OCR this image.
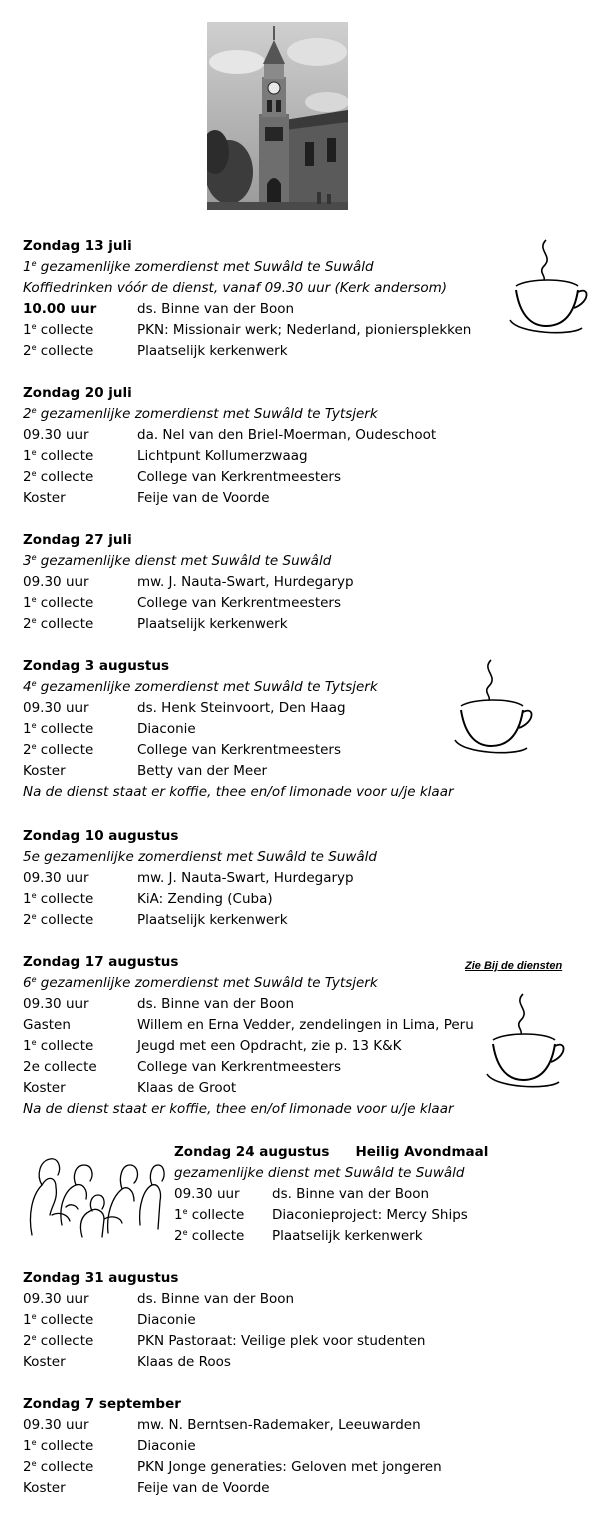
Zie Bij de diensten
Zondag 13 juli
1e gezamenlijke zomerdienst met Suwâld te Suwâld
Koffiedrinken vóór de dienst, vanaf 09.30 uur (Kerk andersom)
10.00 uur	ds. Binne van der Boon
1e collecte	PKN: Missionair werk; Nederland, pioniersplekken
2e collecte	Plaatselijk kerkenwerk
Zondag 20 juli
2e gezamenlijke zomerdienst met Suwâld te Tytsjerk
09.30 uur	da. Nel van den Briel-Moerman, Oudeschoot
1e collecte	Lichtpunt Kollumerzwaag
2e collecte	College van Kerkrentmeesters
Koster	Feije van de Voorde
Zondag 27 juli
3e gezamenlijke dienst met Suwâld te Suwâld
09.30 uur	mw. J. Nauta-Swart, Hurdegaryp
1e collecte	College van Kerkrentmeesters
2e collecte	Plaatselijk kerkenwerk
Zondag 3 augustus
4e gezamenlijke zomerdienst met Suwâld te Tytsjerk
09.30 uur	ds. Henk Steinvoort, Den Haag
1e collecte	Diaconie
2e collecte	College van Kerkrentmeesters
Koster	Betty van der Meer
Na de dienst staat er koffie, thee en/of limonade voor u/je klaar
Zondag 10 augustus
5e gezamenlijke zomerdienst met Suwâld te Suwâld
09.30 uur	mw. J. Nauta-Swart, Hurdegaryp
1e collecte	KiA: Zending (Cuba)
2e collecte	Plaatselijk kerkenwerk
Zondag 17 augustus
6e gezamenlijke zomerdienst met Suwâld te Tytsjerk
09.30 uur	ds. Binne van der Boon
Gasten	Willem en Erna Vedder, zendelingen in Lima, Peru
1e collecte	Jeugd met een Opdracht, zie p. 13 K&K
2e collecte	College van Kerkrentmeesters
Koster	Klaas de Groot
Na de dienst staat er koffie, thee en/of limonade voor u/je klaar
Zondag 24 augustus Heilig Avondmaal
gezamenlijke dienst met Suwâld te Suwâld
09.30 uur ds. Binne van der Boon
1e collecte Diaconieproject: Mercy Ships
2e collecte Plaatselijk kerkenwerk
Zondag 31 augustus
09.30 uur	ds. Binne van der Boon
1e collecte	Diaconie
2e collecte	PKN Pastoraat: Veilige plek voor studenten
Koster	Klaas de Roos
Zondag 7 september
09.30 uur	mw. N. Berntsen-Rademaker, Leeuwarden
1e collecte	Diaconie
2e collecte	PKN Jonge generaties: Geloven met jongeren
Koster	Feije van de Voorde
